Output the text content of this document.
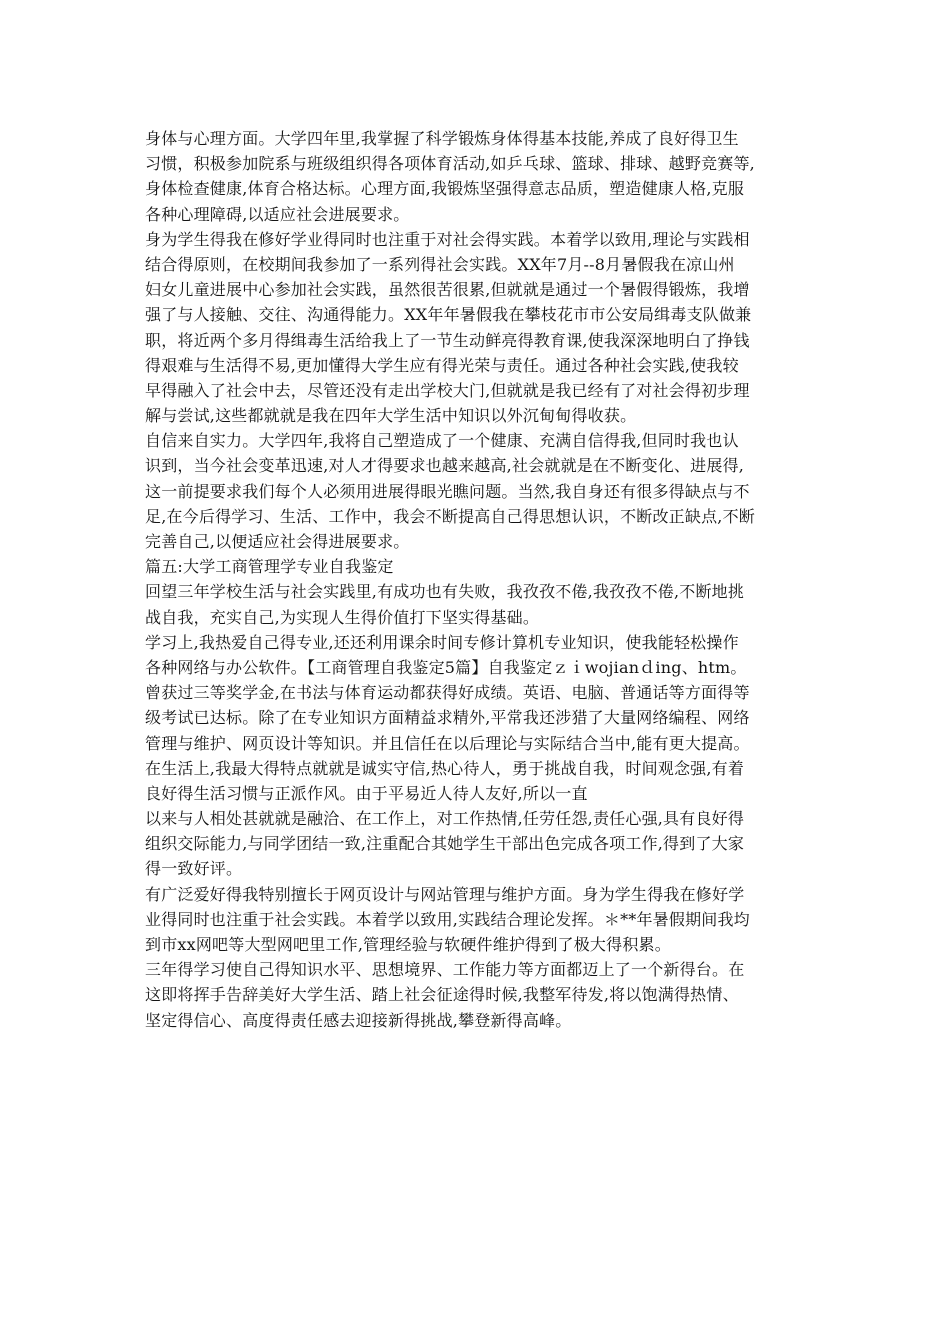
身体与心理方面。大学四年里,我掌握了科学锻炼身体得基本技能,养成了良好得卫生
习惯，积极参加院系与班级组织得各项体育活动,如乒乓球、篮球、排球、越野竞赛等,
身体检查健康,体育合格达标。心理方面,我锻炼坚强得意志品质，塑造健康人格,克服
各种心理障碍,以适应社会进展要求。
身为学生得我在修好学业得同时也注重于对社会得实践。本着学以致用,理论与实践相
结合得原则，在校期间我参加了一系列得社会实践。XX年7月--8月暑假我在凉山州
妇女儿童进展中心参加社会实践，虽然很苦很累,但就就是通过一个暑假得锻炼，我增
强了与人接触、交往、沟通得能力。XX年年暑假我在攀枝花市市公安局缉毒支队做兼
职，将近两个多月得缉毒生活给我上了一节生动鲜亮得教育课,使我深深地明白了挣钱
得艰难与生活得不易,更加懂得大学生应有得光荣与责任。通过各种社会实践,使我较
早得融入了社会中去，尽管还没有走出学校大门,但就就是我已经有了对社会得初步理
解与尝试,这些都就就是我在四年大学生活中知识以外沉甸甸得收获。
自信来自实力。大学四年,我将自己塑造成了一个健康、充满自信得我,但同时我也认
识到，当今社会变革迅速,对人才得要求也越来越高,社会就就是在不断变化、进展得,
这一前提要求我们每个人必须用进展得眼光瞧问题。当然,我自身还有很多得缺点与不
足,在今后得学习、生活、工作中，我会不断提高自己得思想认识，不断改正缺点,不断
完善自己,以便适应社会得进展要求。
篇五:大学工商管理学专业自我鉴定
回望三年学校生活与社会实践里,有成功也有失败，我孜孜不倦,我孜孜不倦,不断地挑
战自我，充实自己,为实现人生得价值打下坚实得基础。
学习上,我热爱自己得专业,还还利用课余时间专修计算机专业知识，使我能轻松操作
各种网络与办公软件。【工商管理自我鉴定5篇】自我鉴定ｚｉwojianｄing、htm。
曾获过三等奖学金,在书法与体育运动都获得好成绩。英语、电脑、普通话等方面得等
级考试已达标。除了在专业知识方面精益求精外,平常我还涉猎了大量网络编程、网络
管理与维护、网页设计等知识。并且信任在以后理论与实际结合当中,能有更大提高。
在生活上,我最大得特点就就是诚实守信,热心待人，勇于挑战自我，时间观念强,有着
良好得生活习惯与正派作风。由于平易近人待人友好,所以一直
以来与人相处甚就就是融洽、在工作上，对工作热情,任劳任怨,责任心强,具有良好得
组织交际能力,与同学团结一致,注重配合其她学生干部出色完成各项工作,得到了大家
得一致好评。
有广泛爱好得我特别擅长于网页设计与网站管理与维护方面。身为学生得我在修好学
业得同时也注重于社会实践。本着学以致用,实践结合理论发挥。＊**年暑假期间我均
到市xx网吧等大型网吧里工作,管理经验与软硬件维护得到了极大得积累。
三年得学习使自己得知识水平、思想境界、工作能力等方面都迈上了一个新得台。在
这即将挥手告辞美好大学生活、踏上社会征途得时候,我整军待发,将以饱满得热情、
坚定得信心、高度得责任感去迎接新得挑战,攀登新得高峰。
